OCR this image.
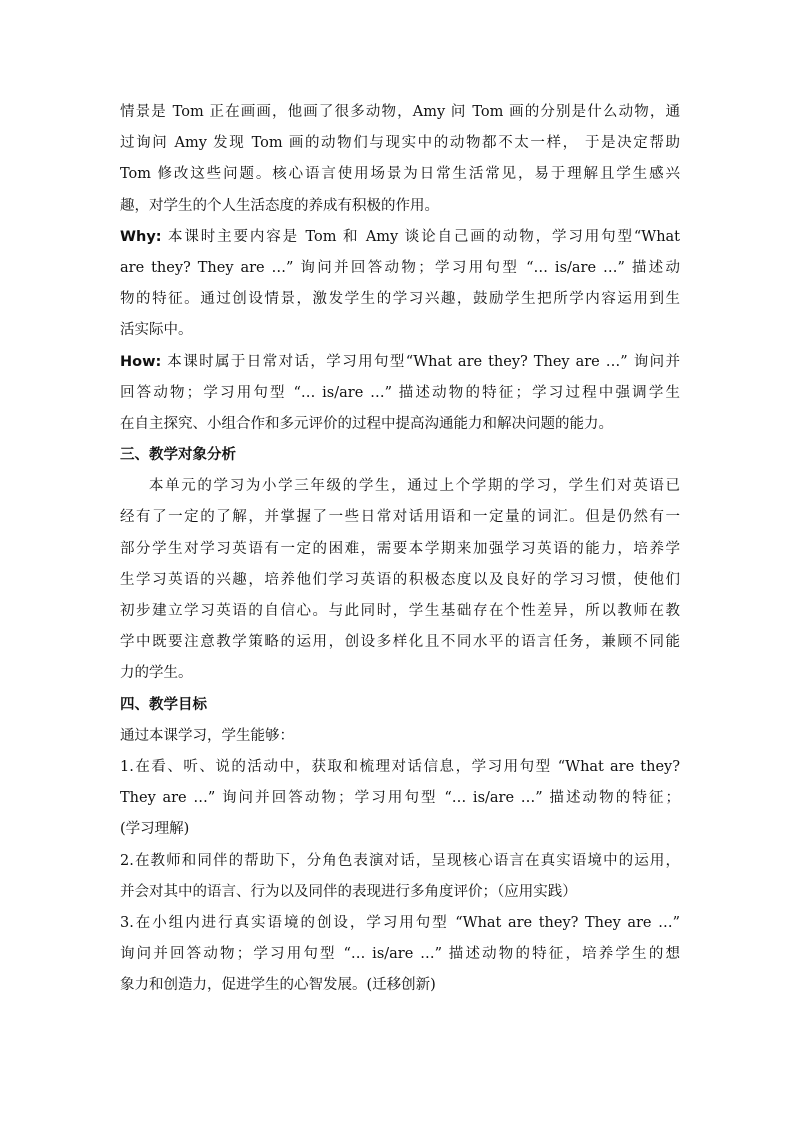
情景是 Tom 正在画画，他画了很多动物，Amy 问 Tom 画的分别是什么动物，通
过询问 Amy 发现 Tom 画的动物们与现实中的动物都不太一样， 于是决定帮助
Tom 修改这些问题。核心语言使用场景为日常生活常见，易于理解且学生感兴
趣，对学生的个人生活态度的养成有积极的作用。
Why: 本课时主要内容是 Tom 和 Amy 谈论自己画的动物，学习用句型“What
are they? They are …” 询问并回答动物；学习用句型 “… is/are …” 描述动
物的特征。通过创设情景，激发学生的学习兴趣，鼓励学生把所学内容运用到生
活实际中。
How: 本课时属于日常对话，学习用句型“What are they? They are …” 询问并
回答动物；学习用句型 “… is/are …” 描述动物的特征；学习过程中强调学生
在自主探究、小组合作和多元评价的过程中提高沟通能力和解决问题的能力。
三、教学对象分析
本单元的学习为小学三年级的学生，通过上个学期的学习，学生们对英语已
经有了一定的了解，并掌握了一些日常对话用语和一定量的词汇。但是仍然有一
部分学生对学习英语有一定的困难，需要本学期来加强学习英语的能力，培养学
生学习英语的兴趣，培养他们学习英语的积极态度以及良好的学习习惯，使他们
初步建立学习英语的自信心。与此同时，学生基础存在个性差异，所以教师在教
学中既要注意教学策略的运用，创设多样化且不同水平的语言任务，兼顾不同能
力的学生。
四、教学目标
通过本课学习，学生能够：
1.在看、听、说的活动中，获取和梳理对话信息，学习用句型 “What are they?
They are …” 询问并回答动物；学习用句型 “… is/are …” 描述动物的特征；
(学习理解)
2.在教师和同伴的帮助下，分角色表演对话，呈现核心语言在真实语境中的运用，
并会对其中的语言、行为以及同伴的表现进行多角度评价；（应用实践）
3.在小组内进行真实语境的创设，学习用句型 “What are they? They are …”
询问并回答动物；学习用句型 “… is/are …” 描述动物的特征，培养学生的想
象力和创造力，促进学生的心智发展。(迁移创新)
